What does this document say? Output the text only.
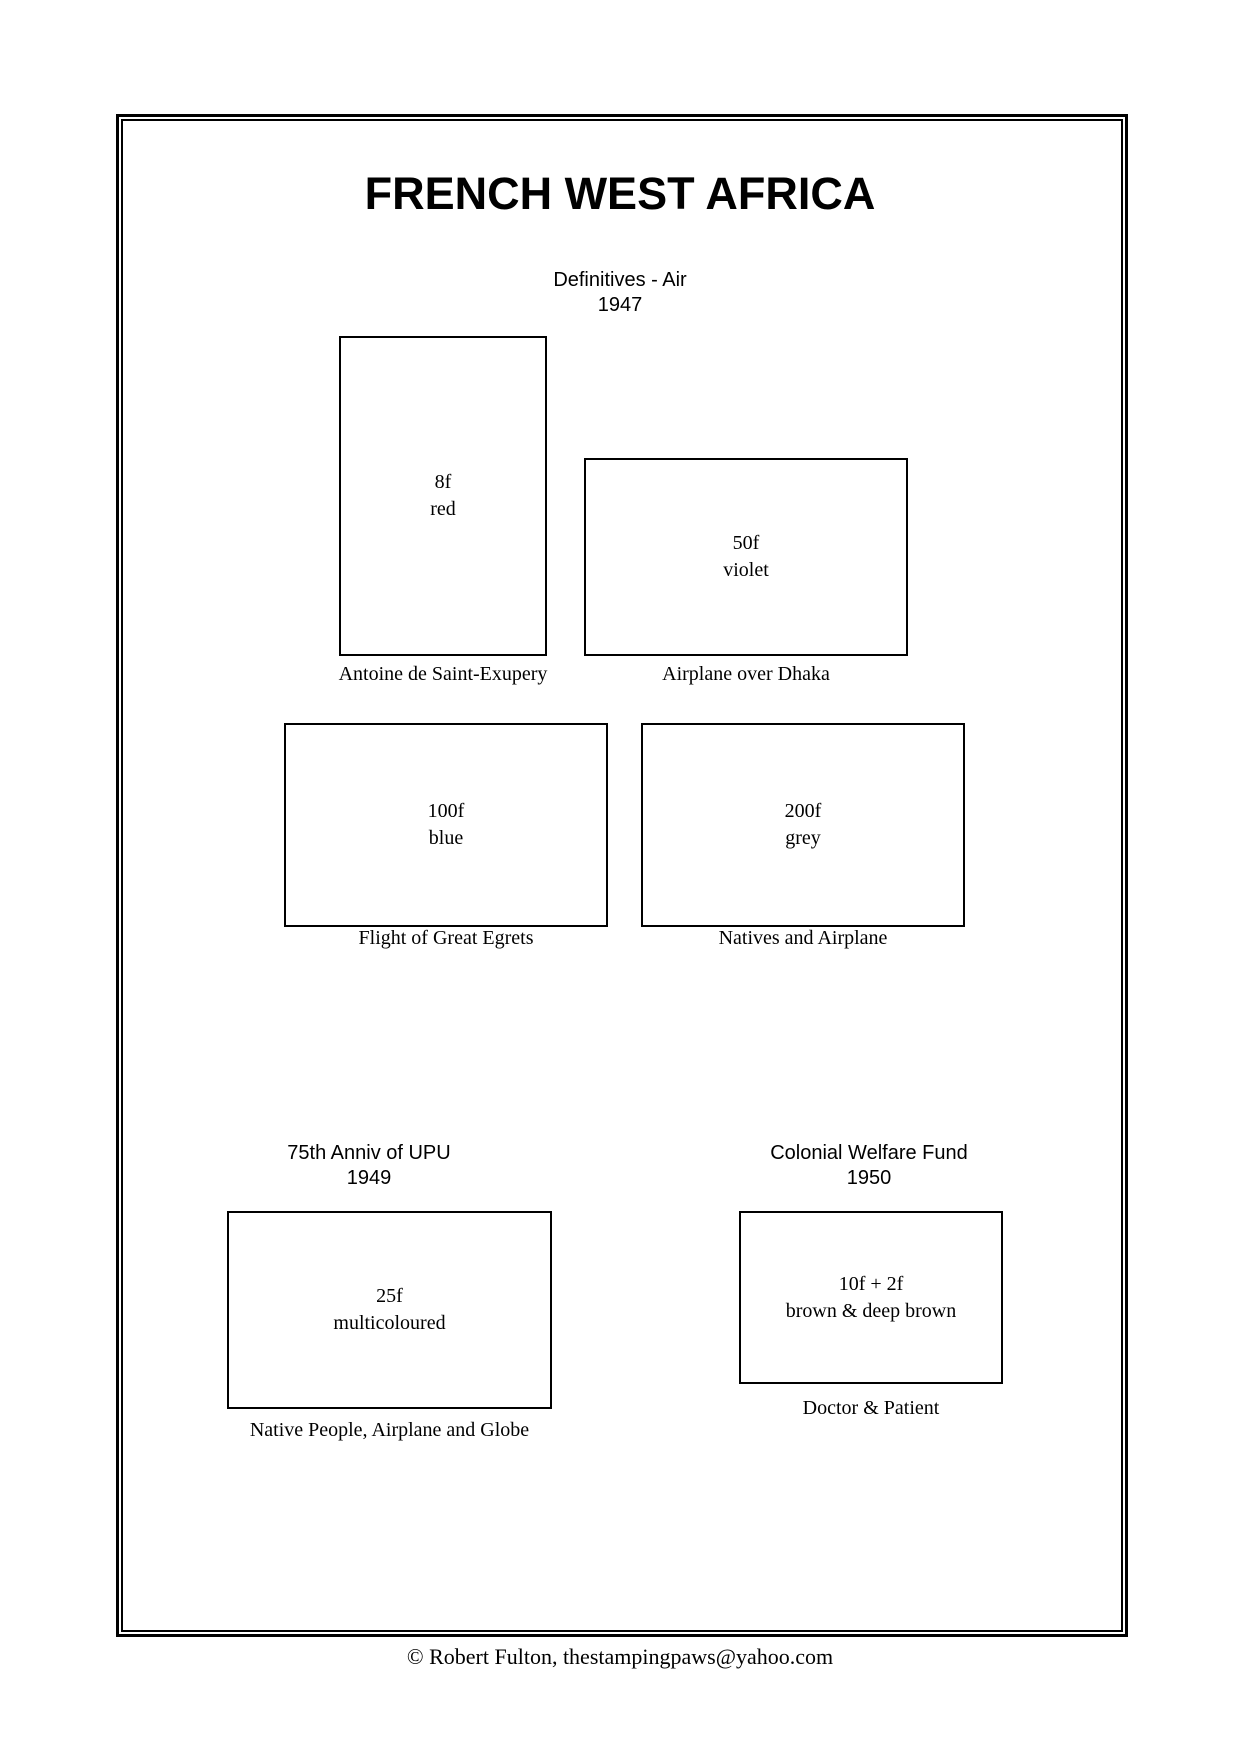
FRENCH WEST AFRICA
Definitives - Air
1947
8f
red
Antoine de Saint-Exupery
50f
violet
Airplane over Dhaka
100f
blue
Flight of Great Egrets
200f
grey
Natives and Airplane
75th Anniv of UPU
1949
Colonial Welfare Fund
1950
25f
multicoloured
Native People, Airplane and Globe
10f + 2f
brown & deep brown
Doctor & Patient
© Robert Fulton, thestampingpaws@yahoo.com
